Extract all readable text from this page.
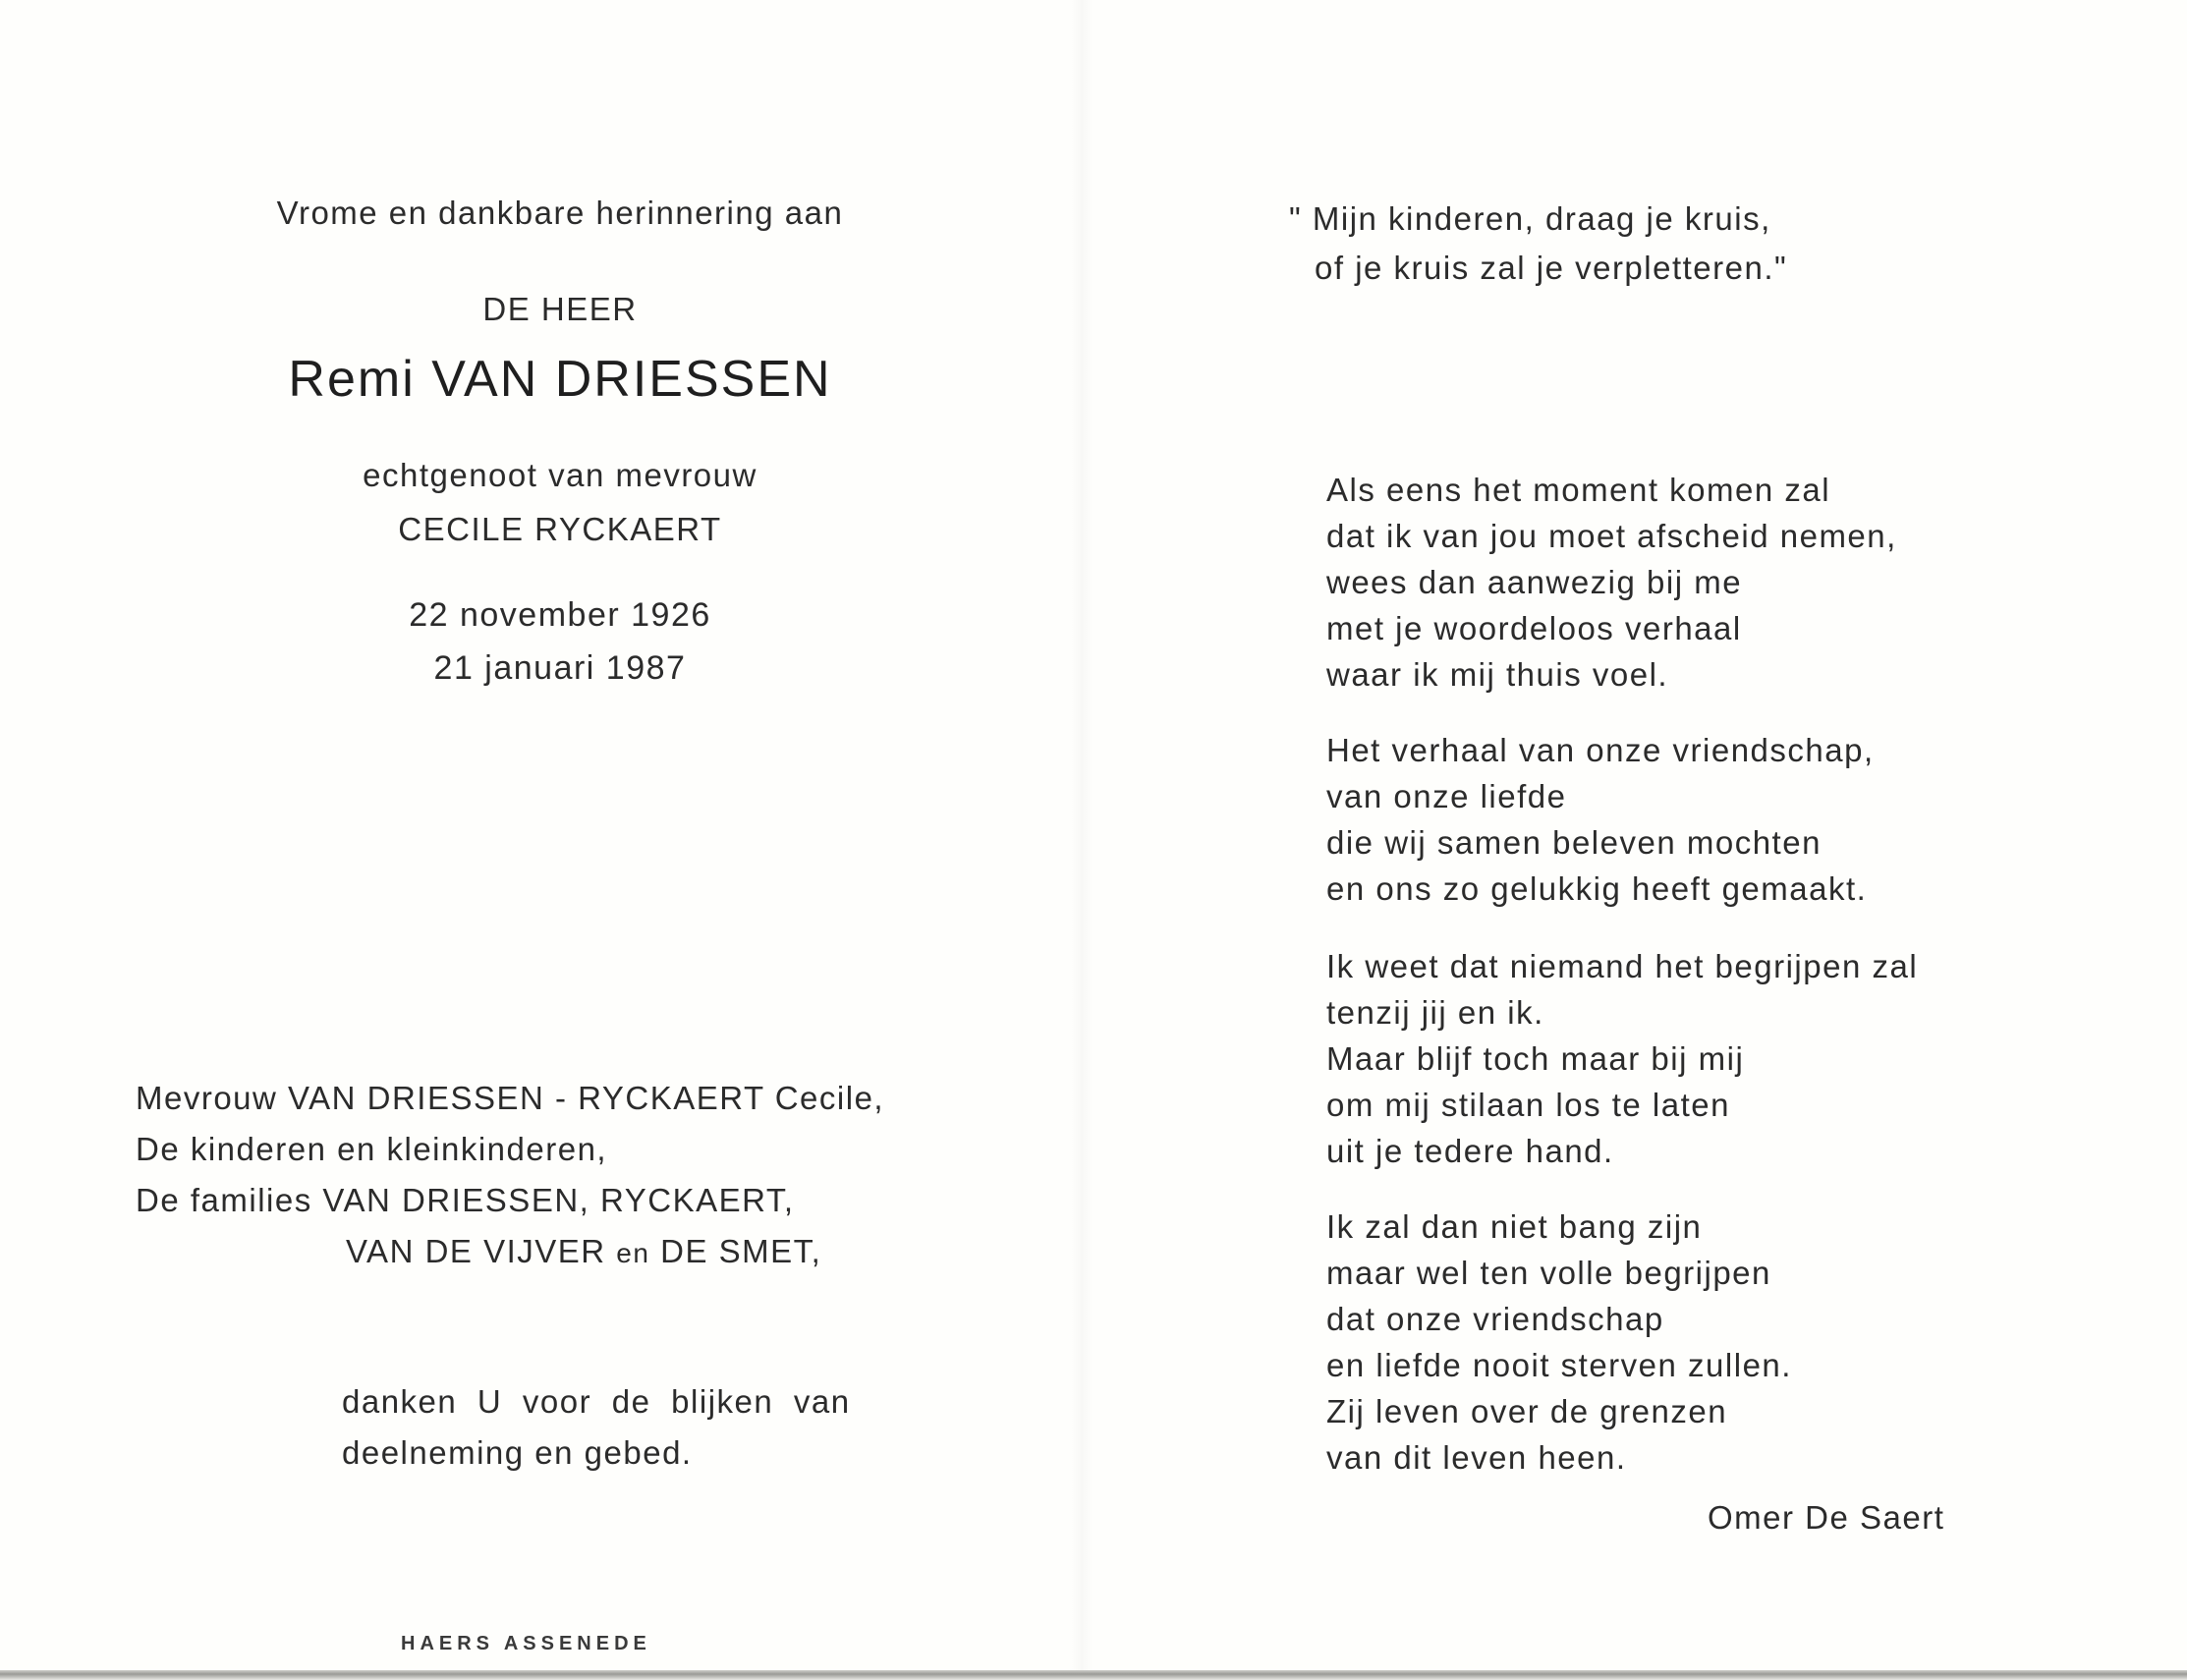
Vrome en dankbare herinnering aan
DE HEER
Remi VAN DRIESSEN
echtgenoot van mevrouw
CECILE RYCKAERT
22 november 1926
21 januari 1987
Mevrouw VAN DRIESSEN - RYCKAERT Cecile,
De kinderen en kleinkinderen,
De families VAN DRIESSEN, RYCKAERT,
VAN DE VIJVER en DE SMET,
danken U voor de blijken van
deelneming en gebed.
HAERS ASSENEDE
" Mijn kinderen, draag je kruis,
of je kruis zal je verpletteren."
Als eens het moment komen zal
dat ik van jou moet afscheid nemen,
wees dan aanwezig bij me
met je woordeloos verhaal
waar ik mij thuis voel.
Het verhaal van onze vriendschap,
van onze liefde
die wij samen beleven mochten
en ons zo gelukkig heeft gemaakt.
Ik weet dat niemand het begrijpen zal
tenzij jij en ik.
Maar blijf toch maar bij mij
om mij stilaan los te laten
uit je tedere hand.
Ik zal dan niet bang zijn
maar wel ten volle begrijpen
dat onze vriendschap
en liefde nooit sterven zullen.
Zij leven over de grenzen
van dit leven heen.
Omer De Saert
